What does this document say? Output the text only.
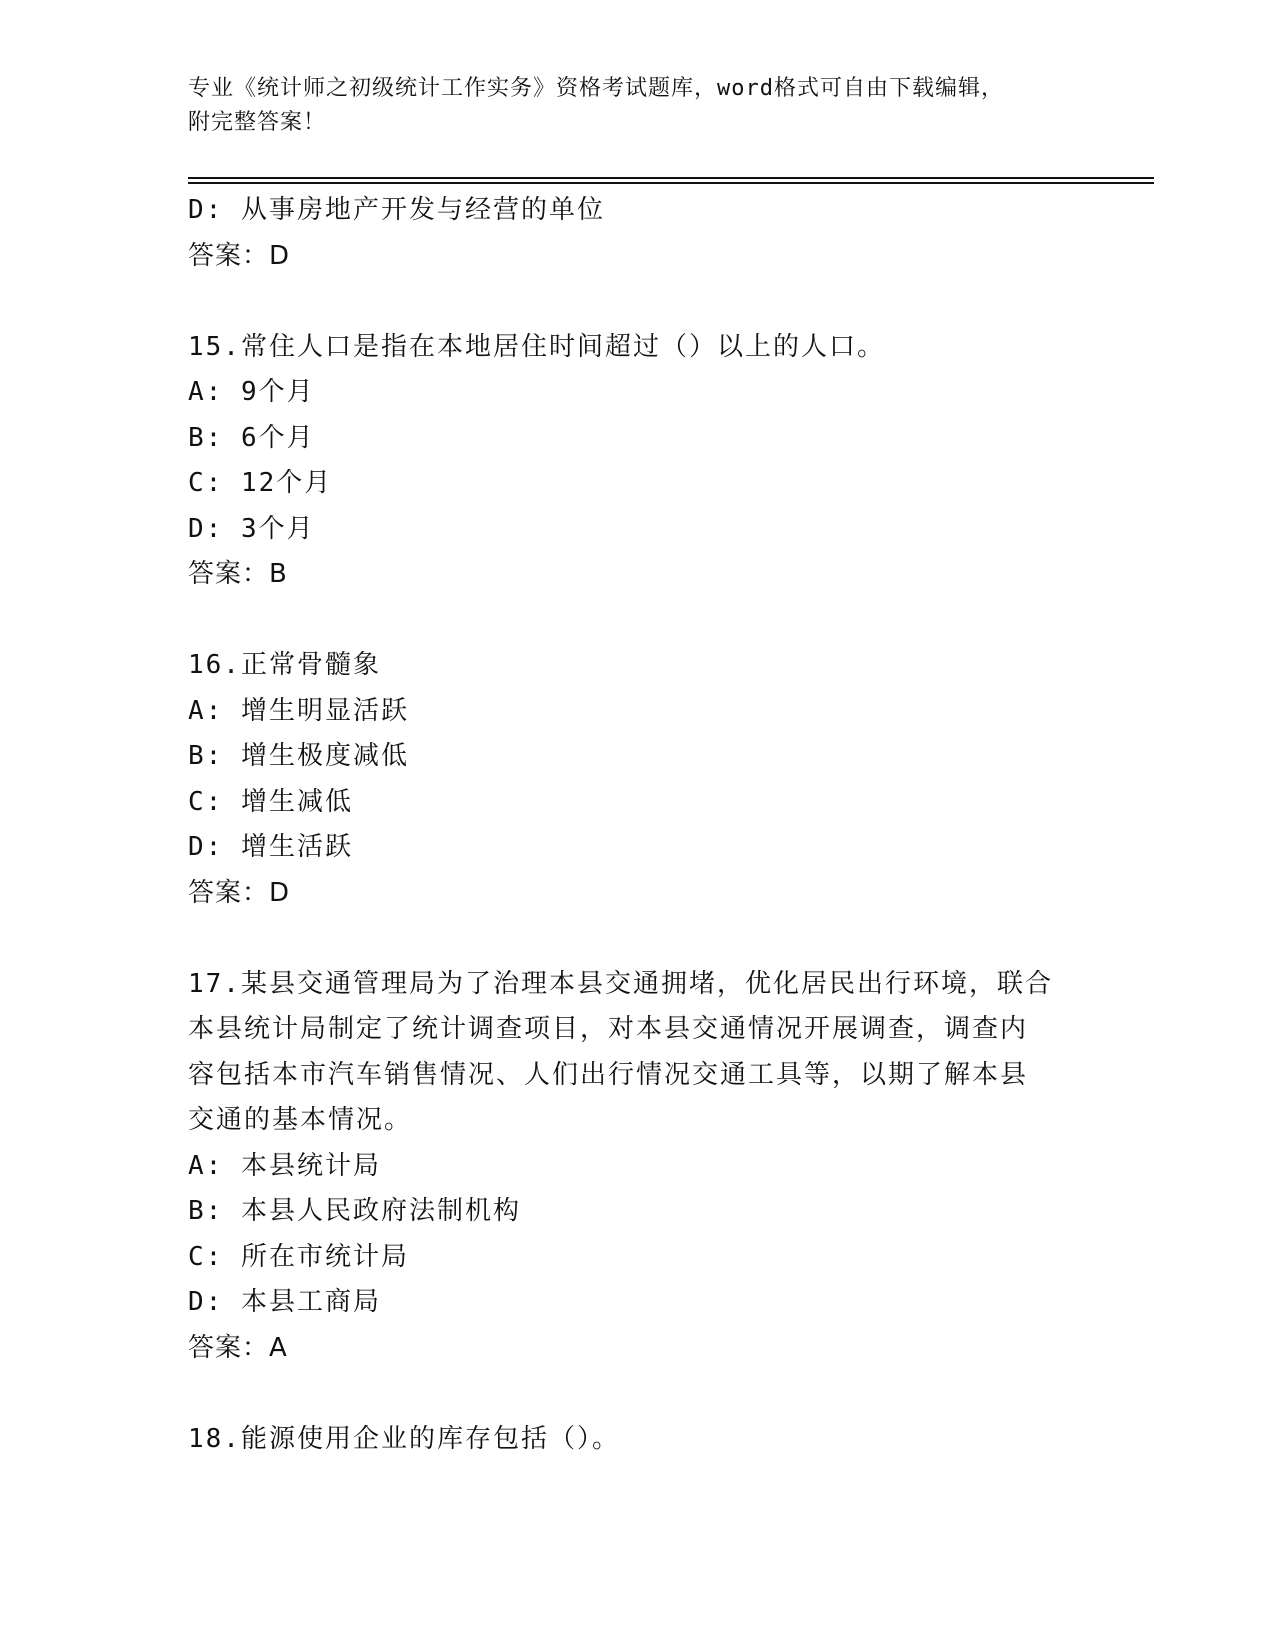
专业《统计师之初级统计工作实务》资格考试题库，word格式可自由下载编辑，
附完整答案！
D: 从事房地产开发与经营的单位
答案：D
15.常住人口是指在本地居住时间超过（）以上的人口。
A: 9个月
B: 6个月
C: 12个月
D: 3个月
答案：B
16.正常骨髓象
A: 增生明显活跃
B: 增生极度减低
C: 增生减低
D: 增生活跃
答案：D
17.某县交通管理局为了治理本县交通拥堵，优化居民出行环境，联合
本县统计局制定了统计调查项目，对本县交通情况开展调查，调查内
容包括本市汽车销售情况、人们出行情况交通工具等，以期了解本县
交通的基本情况。
A: 本县统计局
B: 本县人民政府法制机构
C: 所在市统计局
D: 本县工商局
答案：A
18.能源使用企业的库存包括（）。
